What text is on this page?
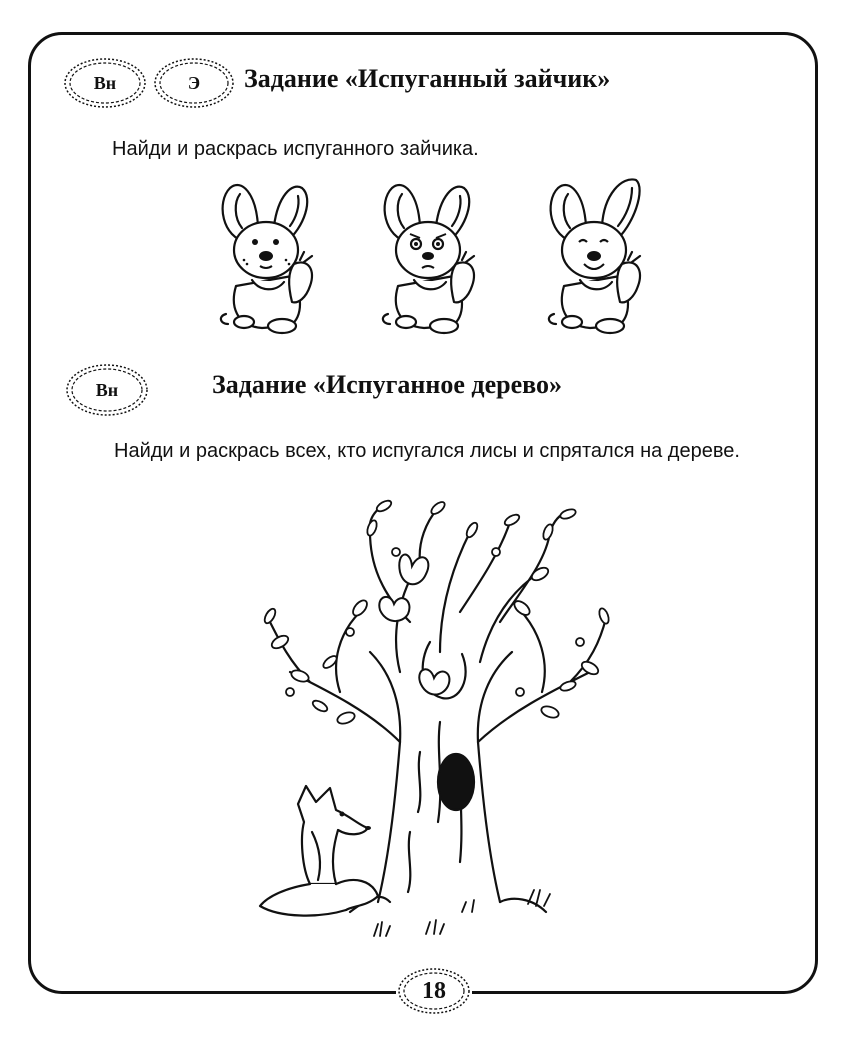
Вн	Э Задание «Испуганный зайчик»
Найди и раскрась испуганного зайчика.
Вн	Задание «Испуганное дерево»
Найди и раскрась всех, кто испугался лисы и спрятался на дереве.
18
